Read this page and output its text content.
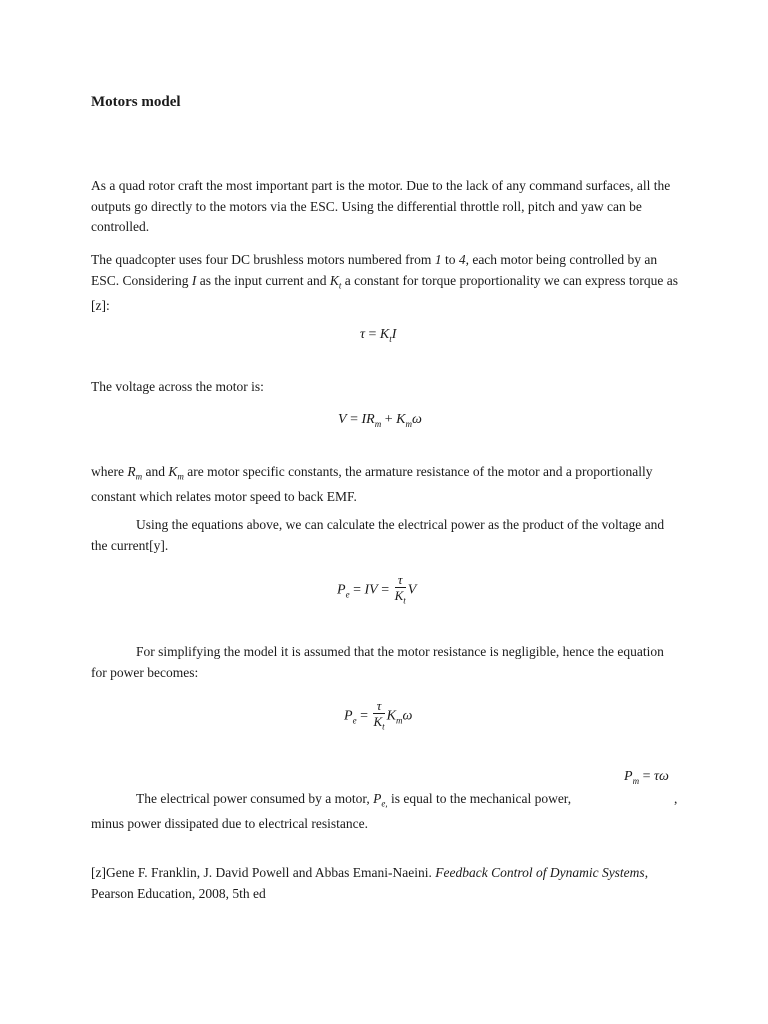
Motors model

As a quad rotor craft the most important part is the motor. Due to the lack of any command surfaces, all the outputs go directly to the motors via the ESC. Using the differential throttle roll, pitch and yaw can be controlled.

The quadcopter uses four DC brushless motors numbered from 1 to 4, each motor being controlled by an ESC. Considering I as the input current and $K_t$ a constant for torque proportionality we can express torque as [z]:

$\tau = K_tI$

The voltage across the motor is:

$V = IR_m + K_m\omega$

where $R_m$ and $K_m$ are motor specific constants, the armature resistance of the motor and a proportionally constant which relates motor speed to back EMF.

Using the equations above, we can calculate the electrical power as the product of the voltage and the current[y].

$P_e$ = IV = $\frac{\tau}{K_t}$ V

For simplifying the model it is assumed that the motor resistance is negligible, hence the equation for power becomes:

$P_e = \frac{\tau}{K_t} K_m\omega$
$P_m = \tau\omega$

The electrical power consumed by a motor, $P_{e,}$ is equal to the mechanical power,	,

minus power dissipated due to electrical resistance.

[z]Gene F. Franklin, J. David Powell and Abbas Emani-Naeini. Feedback Control of Dynamic Systems, Pearson Education, 2008, 5th ed
